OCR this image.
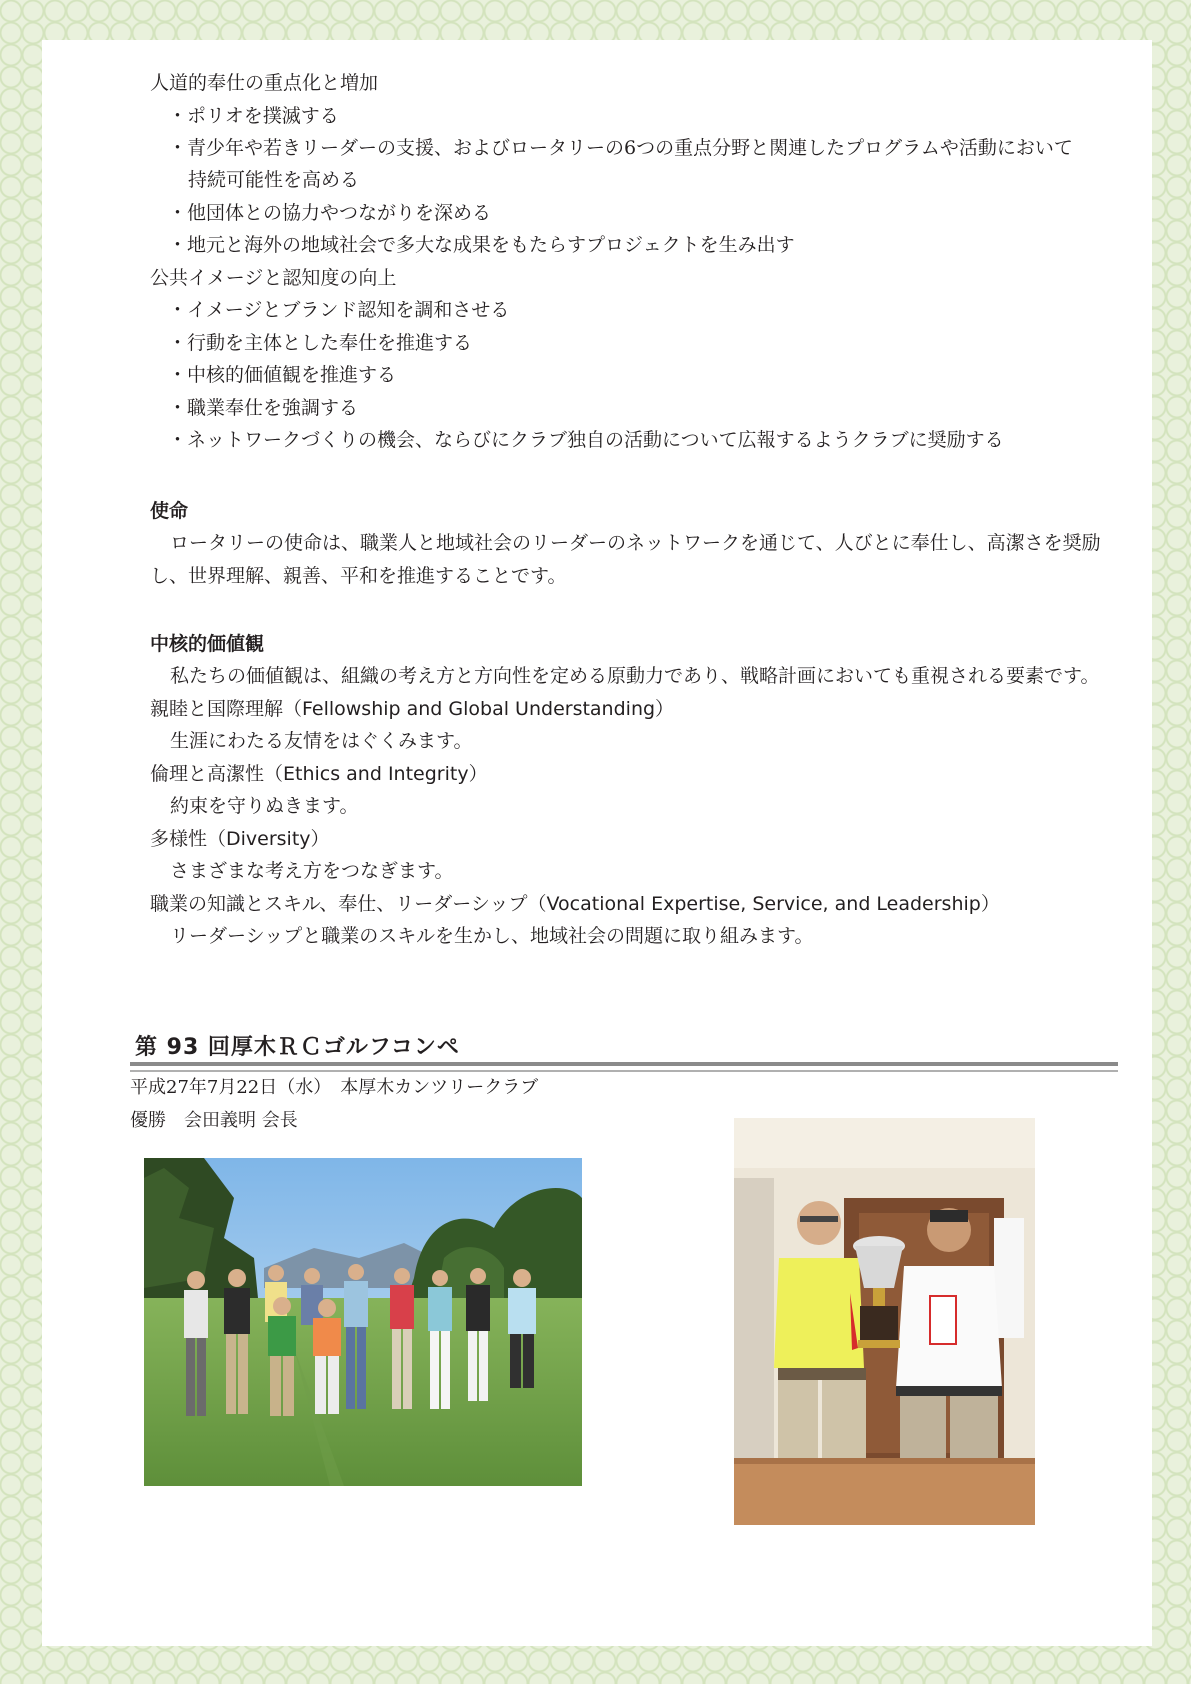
人道的奉仕の重点化と増加
・ポリオを撲滅する
・青少年や若きリーダーの支援、およびロータリーの6つの重点分野と関連したプログラムや活動において
持続可能性を高める
・他団体との協力やつながりを深める
・地元と海外の地域社会で多大な成果をもたらすプロジェクトを生み出す
公共イメージと認知度の向上
・イメージとブランド認知を調和させる
・行動を主体とした奉仕を推進する
・中核的価値観を推進する
・職業奉仕を強調する
・ネットワークづくりの機会、ならびにクラブ独自の活動について広報するようクラブに奨励する
使命
ロータリーの使命は、職業人と地域社会のリーダーのネットワークを通じて、人びとに奉仕し、高潔さを奨励し、世界理解、親善、平和を推進することです。
中核的価値観
私たちの価値観は、組織の考え方と方向性を定める原動力であり、戦略計画においても重視される要素です。
親睦と国際理解（Fellowship and Global Understanding）
生涯にわたる友情をはぐくみます。
倫理と高潔性（Ethics and Integrity）
約束を守りぬきます。
多様性（Diversity）
さまざまな考え方をつなぎます。
職業の知識とスキル、奉仕、リーダーシップ（Vocational Expertise, Service, and Leadership）
リーダーシップと職業のスキルを生かし、地域社会の問題に取り組みます。
第 93 回厚木ＲＣゴルフコンペ
平成27年7月22日（水）　本厚木カンツリークラブ
優勝　会田義明 会長
